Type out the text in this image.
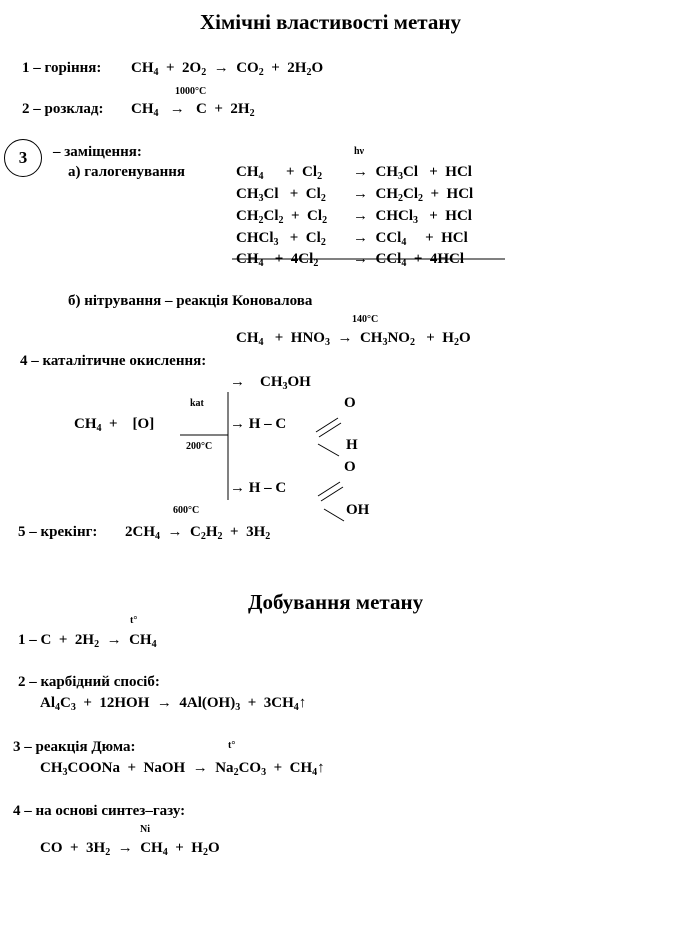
Хімічні властивості метану
1 – горіння: $CH_4 + 2O_2 \to CO_2 + 2H_2O$
1000°C
2 – розклад: $CH_4 \to C + 2H_2$
3 – заміщення:	hν
а) галогенування	$CH_4$      +  $Cl_2 \to CH_3Cl$   +  HCl
$CH_3Cl + Cl_2 \to CH_2Cl_2$  +  HCl
$CH_2Cl_2 + Cl_2$ →  CHCl$_3$   +  HCl
CHCl$_3$   +  $Cl_2 \to CCl_4$     +  HCl
$CH_4 + 4Cl_2 \to CCl_4 + 4HCl$
б) нітрування – реакція Коновалова
140°C
$CH_4 + HNO_3 \to CH_3NO_2 + H_2O$
4 – каталітичне окислення:
→    $CH_3OH$
O
kat
$CH_4$  +    [O]	→ H – C
H
200°C
O
→ H – C
600°C	OH
5 – крекінг: $2CH_4 \to C_2H_2 + 3H_2$
Добування метану
t°
$1 - C + 2H_2 \to CH_4$
2 – карбідний спосіб:
$Al_4C_3 + 12HOH \to 4Al(OH)_3$  +  $3CH_4↑$
3 – реакція Дюма:	t°
$CH_3COONa$  +  NaOH  →  $Na_2CO_3$  +  $CH_4↑$
4 – на основі синтез–газу:
Ni
CO  +  $3H_2 \to CH_4 + H_2O$
